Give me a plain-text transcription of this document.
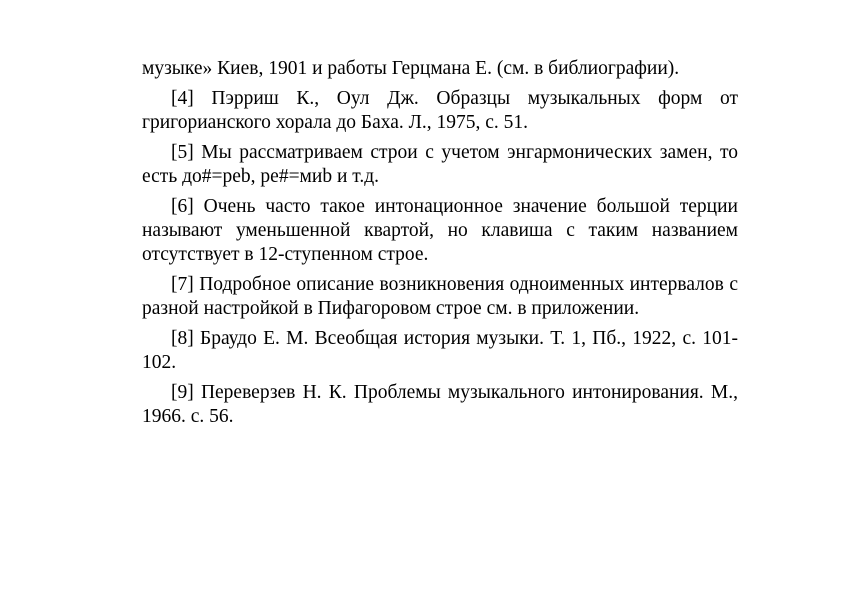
музыке» Киев, 1901 и работы Герцмана Е. (см. в библиографии).

[4] Пэрриш К., Оул Дж. Образцы музыкальных форм от григорианского хорала до Баха. Л., 1975, с. 51.

[5] Мы рассматриваем строи с учетом энгармонических замен, то есть до#=реb, ре#=миb и т.д.

[6] Очень часто такое интонационное значение большой терции называют уменьшенной квартой, но клавиша с таким названием отсутствует в 12-ступенном строе.

[7] Подробное описание возникновения одноименных интервалов с разной настройкой в Пифагоровом строе см. в приложении.

[8] Браудо Е. М. Всеобщая история музыки. Т. 1, Пб., 1922, с. 101-102.

[9] Переверзев Н. К. Проблемы музыкального интонирования. М., 1966. с. 56.
